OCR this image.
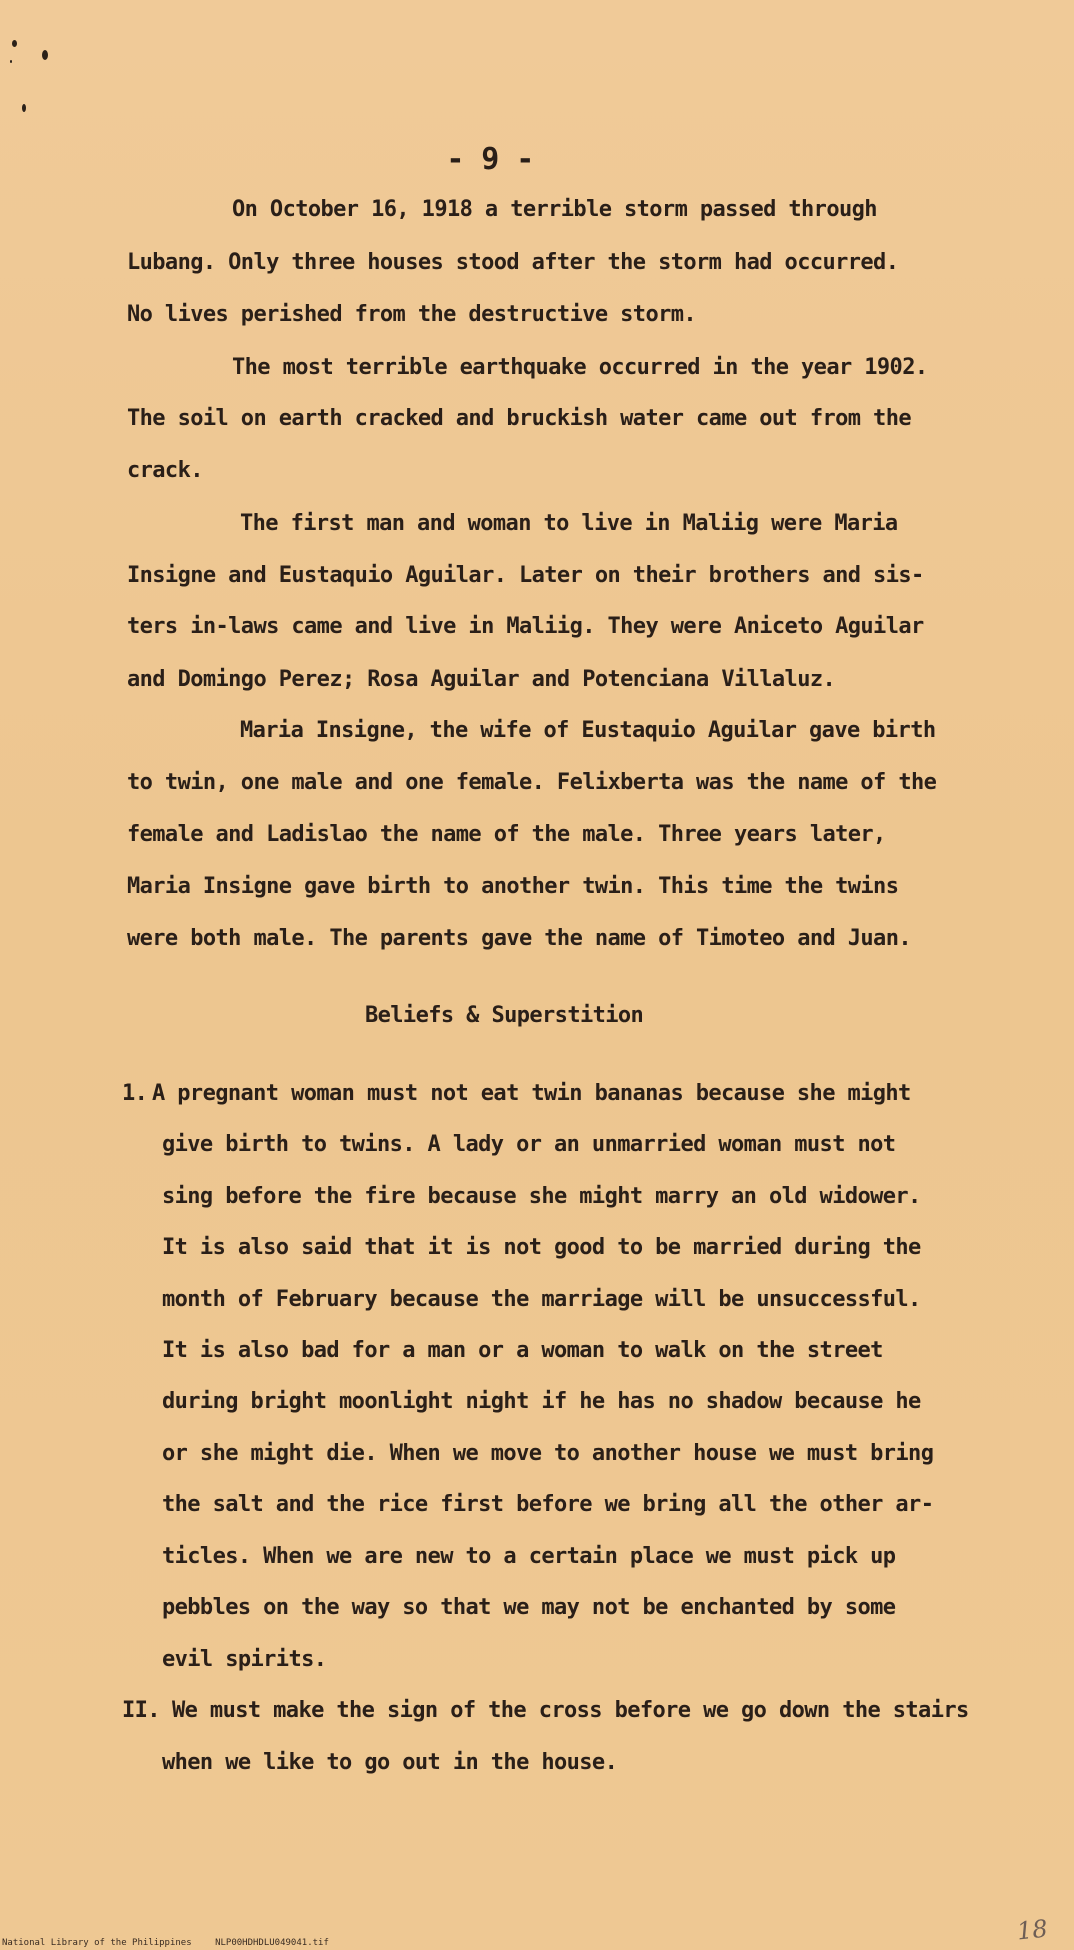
- 9 -
On October 16, 1918 a terrible storm passed through
Lubang. Only three houses stood after the storm had occurred.
No lives perished from the destructive storm.
The most terrible earthquake occurred in the year 1902.
The soil on earth cracked and bruckish water came out from the
crack.
The first man and woman to live in Maliig were Maria
Insigne and Eustaquio Aguilar. Later on their brothers and sis-
ters in-laws came and live in Maliig. They were Aniceto Aguilar
and Domingo Perez; Rosa Aguilar and Potenciana Villaluz.
Maria Insigne, the wife of Eustaquio Aguilar gave birth
to twin, one male and one female. Felixberta was the name of the
female and Ladislao the name of the male. Three years later,
Maria Insigne gave birth to another twin. This time the twins
were both male. The parents gave the name of Timoteo and Juan.
Beliefs & Superstition
1. A pregnant woman must not eat twin bananas because she might
give birth to twins. A lady or an unmarried woman must not
sing before the fire because she might marry an old widower.
It is also said that it is not good to be married during the
month of February because the marriage will be unsuccessful.
It is also bad for a man or a woman to walk on the street
during bright moonlight night if he has no shadow because he
or she might die. When we move to another house we must bring
the salt and the rice first before we bring all the other ar-
ticles. When we are new to a certain place we must pick up
pebbles on the way so that we may not be enchanted by some
evil spirits.
II. We must make the sign of the cross before we go down the stairs
when we like to go out in the house.
National Library of the Philippines	NLP00HDHDLU049041.tif	18
